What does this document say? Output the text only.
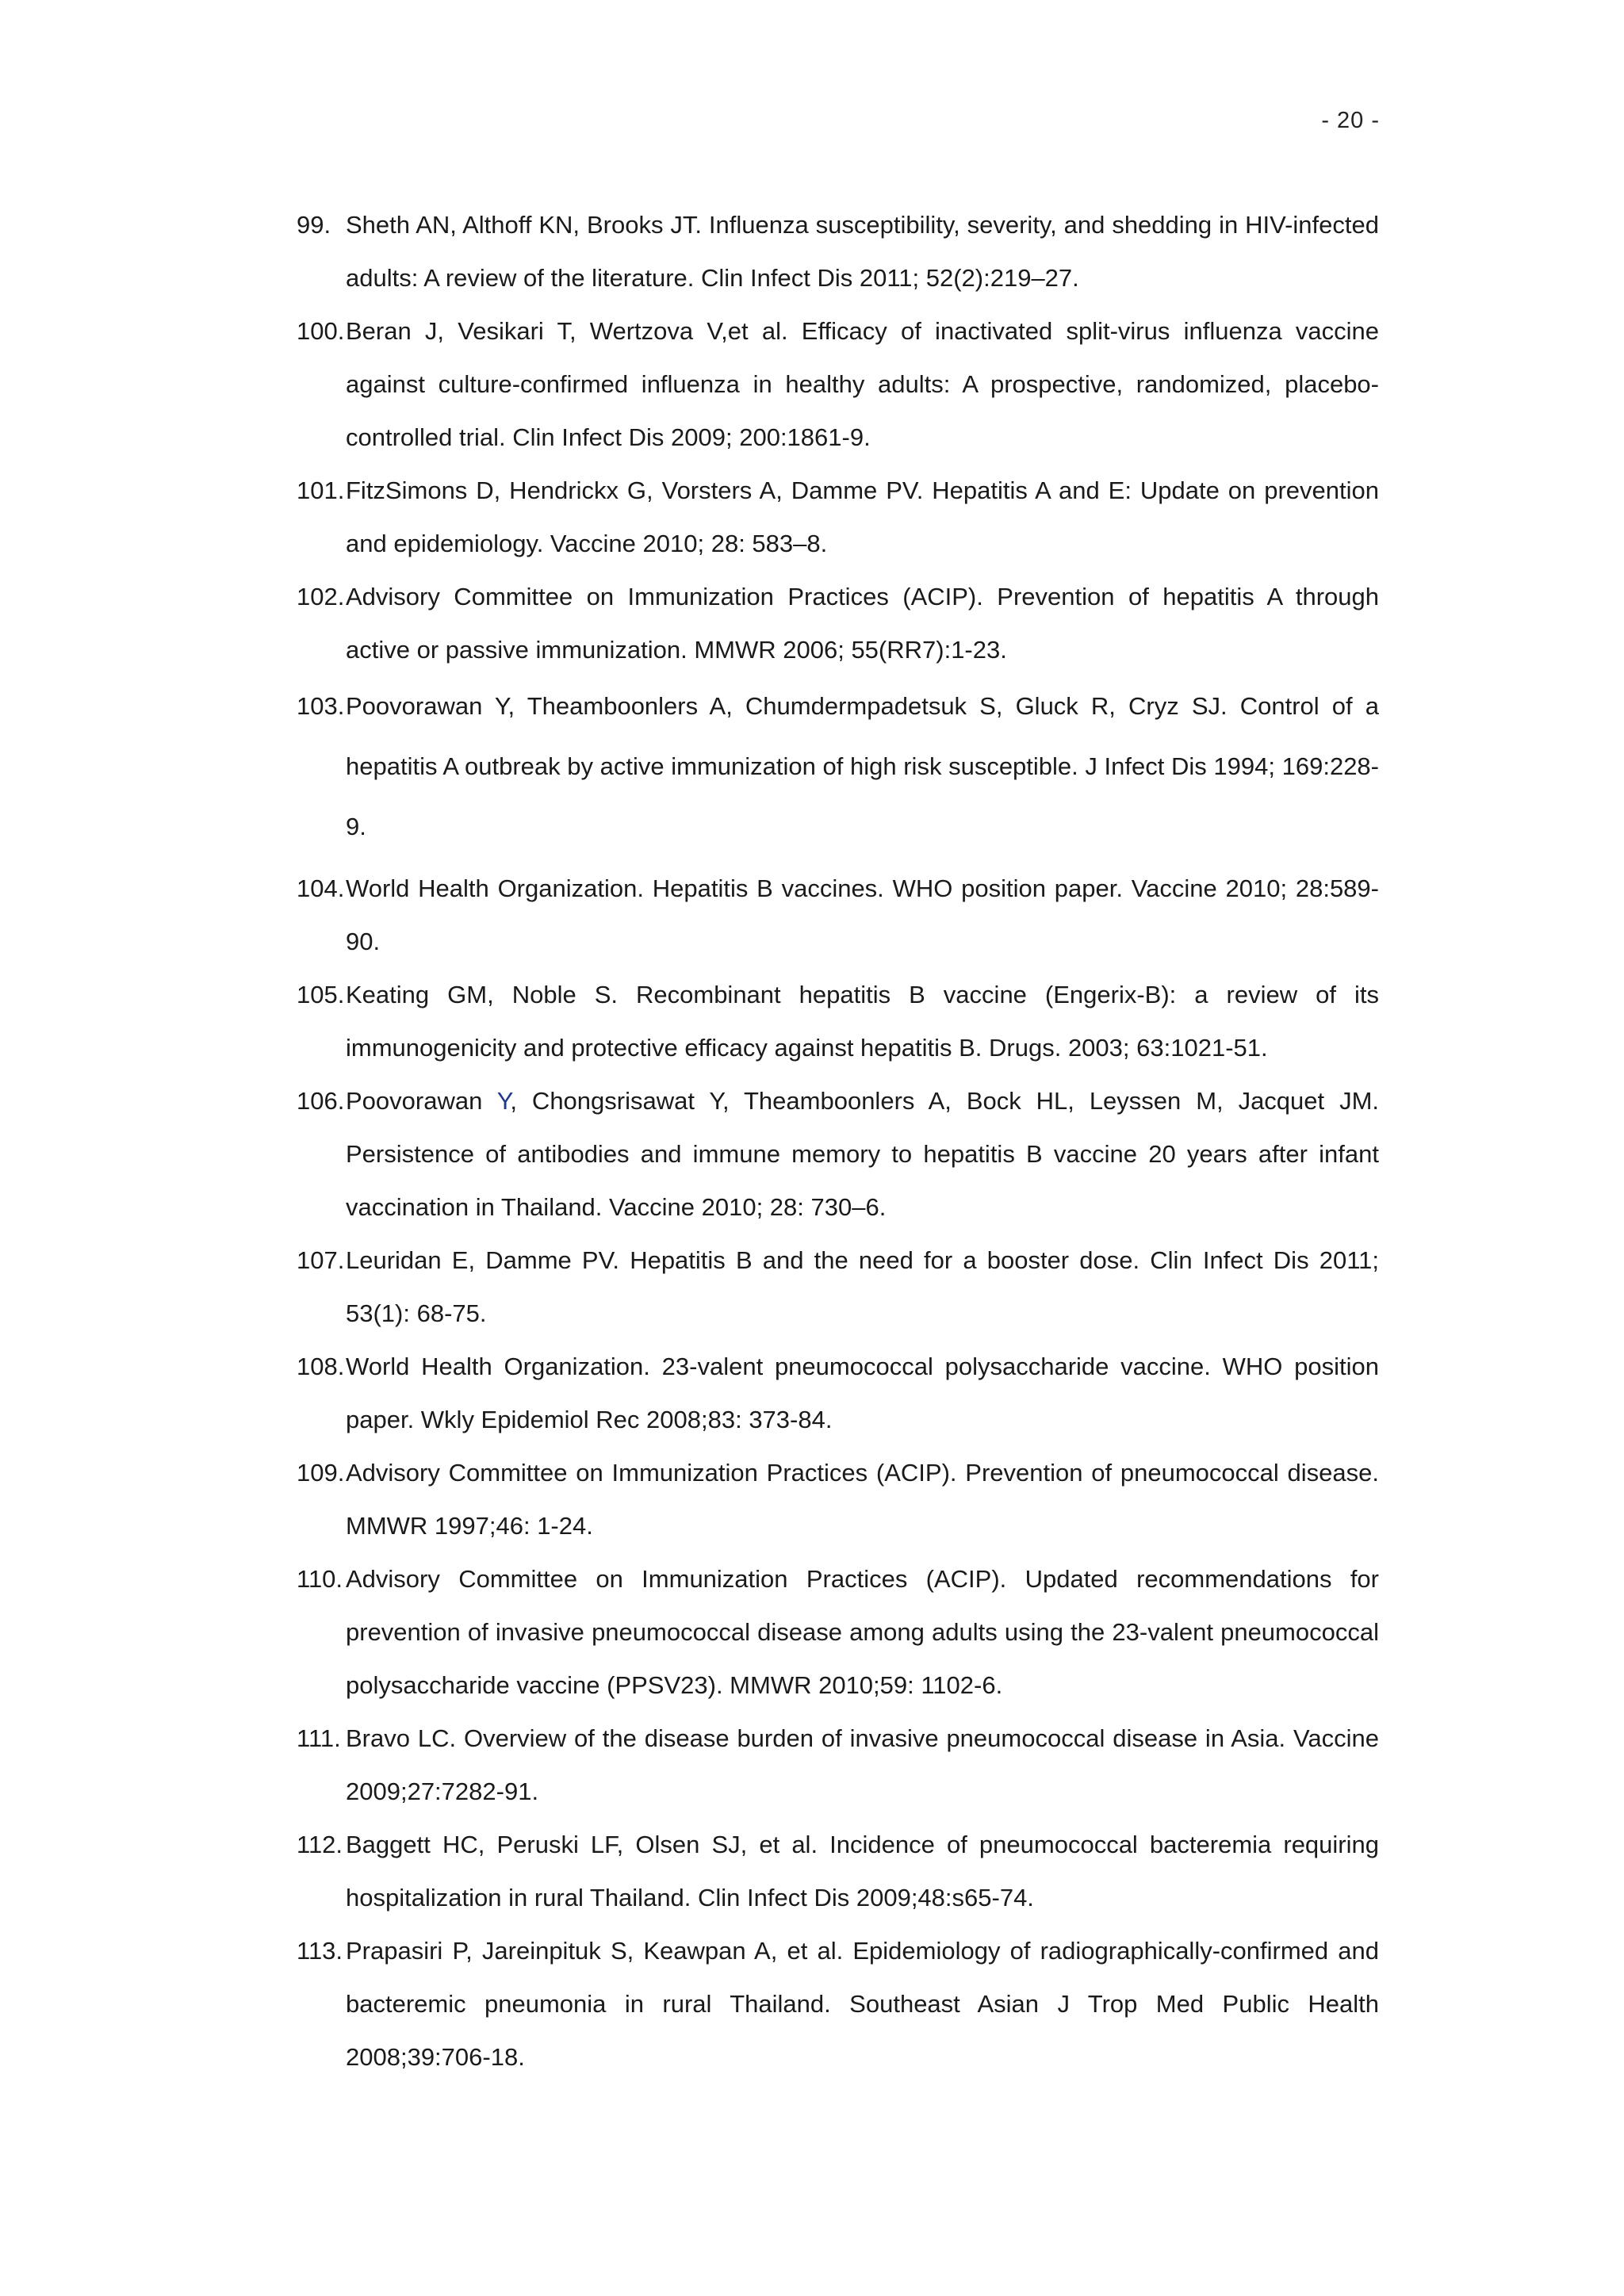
- 20 -
99. Sheth AN, Althoff KN, Brooks JT. Influenza susceptibility, severity, and shedding in HIV-infected adults: A review of the literature. Clin Infect Dis 2011; 52(2):219–27.
100. Beran J, Vesikari T, Wertzova V,et al. Efficacy of inactivated split-virus influenza vaccine against culture-confirmed influenza in healthy adults: A prospective, randomized, placebo-controlled trial. Clin Infect Dis 2009; 200:1861-9.
101. FitzSimons D, Hendrickx G, Vorsters A, Damme PV. Hepatitis A and E: Update on prevention and epidemiology. Vaccine 2010; 28: 583–8.
102. Advisory Committee on Immunization Practices (ACIP). Prevention of hepatitis A through active or passive immunization. MMWR 2006; 55(RR7):1-23.
103. Poovorawan Y, Theamboonlers A, Chumdermpadetsuk S, Gluck R, Cryz SJ. Control of a hepatitis A outbreak by active immunization of high risk susceptible. J Infect Dis 1994; 169:228-9.
104. World Health Organization. Hepatitis B vaccines. WHO position paper. Vaccine 2010; 28:589-90.
105. Keating GM, Noble S. Recombinant hepatitis B vaccine (Engerix-B): a review of its immunogenicity and protective efficacy against hepatitis B. Drugs. 2003; 63:1021-51.
106. Poovorawan Y, Chongsrisawat Y, Theamboonlers A, Bock HL, Leyssen M, Jacquet JM. Persistence of antibodies and immune memory to hepatitis B vaccine 20 years after infant vaccination in Thailand. Vaccine 2010; 28: 730–6.
107. Leuridan E, Damme PV. Hepatitis B and the need for a booster dose. Clin Infect Dis 2011; 53(1): 68-75.
108. World Health Organization. 23-valent pneumococcal polysaccharide vaccine. WHO position paper. Wkly Epidemiol Rec 2008;83: 373-84.
109. Advisory Committee on Immunization Practices (ACIP). Prevention of pneumococcal disease. MMWR 1997;46: 1-24.
110. Advisory Committee on Immunization Practices (ACIP). Updated recommendations for prevention of invasive pneumococcal disease among adults using the 23-valent pneumococcal polysaccharide vaccine (PPSV23). MMWR 2010;59: 1102-6.
111. Bravo LC. Overview of the disease burden of invasive pneumococcal disease in Asia. Vaccine 2009;27:7282-91.
112. Baggett HC, Peruski LF, Olsen SJ, et al. Incidence of pneumococcal bacteremia requiring hospitalization in rural Thailand. Clin Infect Dis 2009;48:s65-74.
113. Prapasiri P, Jareinpituk S, Keawpan A, et al. Epidemiology of radiographically-confirmed and bacteremic pneumonia in rural Thailand. Southeast Asian J Trop Med Public Health 2008;39:706-18.
